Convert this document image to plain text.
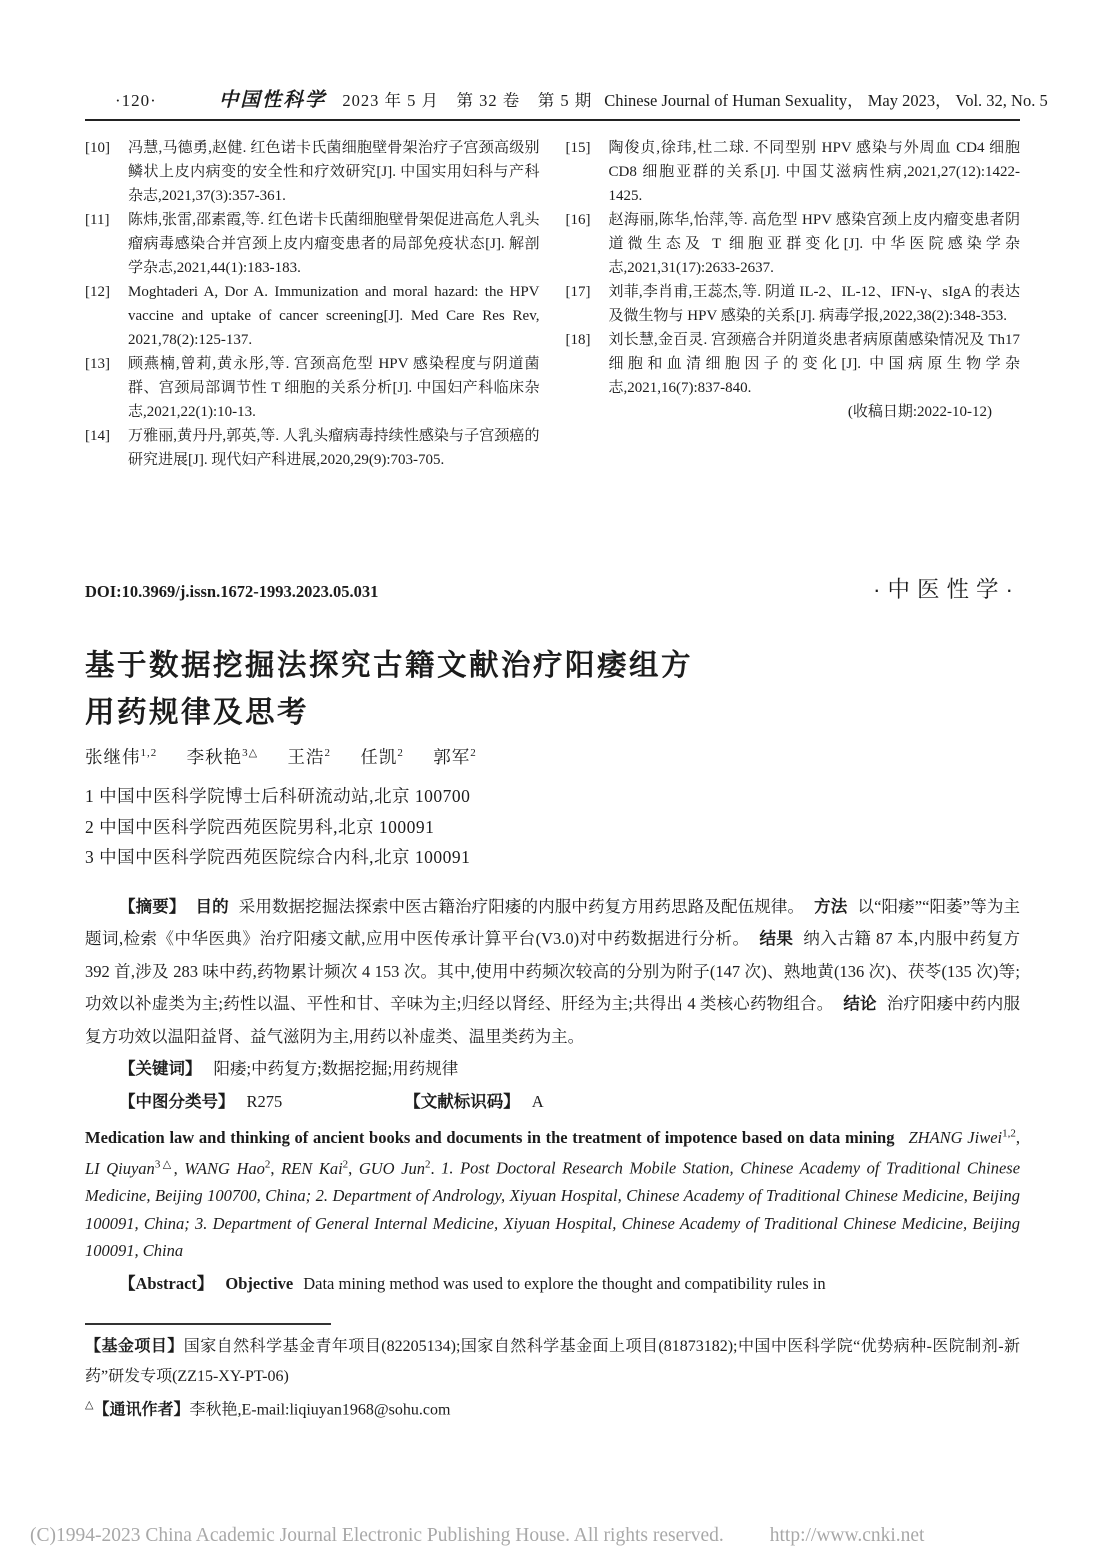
·120·	中国性科学 2023 年 5 月　第 32 卷　第 5 期 Chinese Journal of Human Sexuality， May 2023， Vol. 32, No. 5
[10]	冯慧,马德勇,赵健. 红色诺卡氏菌细胞壁骨架治疗子宫颈高级别鳞状上皮内病变的安全性和疗效研究[J]. 中国实用妇科与产科杂志,2021,37(3):357-361.
[11]	陈炜,张雷,邵素霞,等. 红色诺卡氏菌细胞壁骨架促进高危人乳头瘤病毒感染合并宫颈上皮内瘤变患者的局部免疫状态[J]. 解剖学杂志,2021,44(1):183-183.
[12]	Moghtaderi A, Dor A. Immunization and moral hazard: the HPV vaccine and uptake of cancer screening[J]. Med Care Res Rev, 2021,78(2):125-137.
[13]	顾燕楠,曾莉,黄永彤,等. 宫颈高危型 HPV 感染程度与阴道菌群、宫颈局部调节性 T 细胞的关系分析[J]. 中国妇产科临床杂志,2021,22(1):10-13.
[14]	万雅丽,黄丹丹,郭英,等. 人乳头瘤病毒持续性感染与子宫颈癌的研究进展[J]. 现代妇产科进展,2020,29(9):703-705.
[15]	陶俊贞,徐玮,杜二球. 不同型别 HPV 感染与外周血 CD4 细胞 CD8 细胞亚群的关系[J]. 中国艾滋病性病,2021,27(12):1422-1425.
[16]	赵海丽,陈华,怡萍,等. 高危型 HPV 感染宫颈上皮内瘤变患者阴道微生态及 T 细胞亚群变化[J]. 中华医院感染学杂志,2021,31(17):2633-2637.
[17]	刘菲,李肖甫,王蕊杰,等. 阴道 IL-2、IL-12、IFN-γ、sIgA 的表达及微生物与 HPV 感染的关系[J]. 病毒学报,2022,38(2):348-353.
[18]	刘长慧,金百灵. 宫颈癌合并阴道炎患者病原菌感染情况及 Th17 细胞和血清细胞因子的变化[J]. 中国病原生物学杂志,2021,16(7):837-840.
(收稿日期:2022-10-12)
DOI:10.3969/j.issn.1672-1993.2023.05.031	·中医性学·
基于数据挖掘法探究古籍文献治疗阳痿组方
用药规律及思考
张继伟$^{1,2}$ 李秋艳$^{3\triangle}$ 王浩$^2$ 任凯$^2$ 郭军$^2$
1 中国中医科学院博士后科研流动站,北京 100700
2 中国中医科学院西苑医院男科,北京 100091
3 中国中医科学院西苑医院综合内科,北京 100091

【摘要】 目的 采用数据挖掘法探索中医古籍治疗阳痿的内服中药复方用药思路及配伍规律。 方法 以“阳痿”“阳萎”等为主题词,检索《中华医典》治疗阳痿文献,应用中医传承计算平台(V3.0)对中药数据进行分析。 结果 纳入古籍 87 本,内服中药复方 392 首,涉及 283 味中药,药物累计频次 4 153 次。其中,使用中药频次较高的分别为附子(147 次)、熟地黄(136 次)、茯苓(135 次)等;功效以补虚类为主;药性以温、平性和甘、辛味为主;归经以肾经、肝经为主;共得出 4 类核心药物组合。 结论 治疗阳痿中药内服复方功效以温阳益肾、益气滋阴为主,用药以补虚类、温里类药为主。

【关键词】 阳痿;中药复方;数据挖掘;用药规律

【中图分类号】 R275	【文献标识码】 A

Medication law and thinking of ancient books and documents in the treatment of impotence based on data mining ZHANG Jiwei$^{1,2}$, LI Qiuyan$^{3\triangle}$, WANG Hao$^2$, REN Kai$^2$, GUO Jun$^2$. 1. Post Doctoral Research Mobile Station, Chinese Academy of Traditional Chinese Medicine, Beijing 100700, China; 2. Department of Andrology, Xiyuan Hospital, Chinese Academy of Traditional Chinese Medicine, Beijing 100091, China; 3. Department of General Internal Medicine, Xiyuan Hospital, Chinese Academy of Traditional Chinese Medicine, Beijing 100091, China

【Abstract】 Objective Data mining method was used to explore the thought and compatibility rules in

【基金项目】国家自然科学基金青年项目(82205134);国家自然科学基金面上项目(81873182);中国中医科学院“优势病种-医院制剂-新药”研发专项(ZZ15-XY-PT-06)

△【通讯作者】李秋艳,E-mail:liqiuyan1968@sohu.com

(C)1994-2023 China Academic Journal Electronic Publishing House. All rights reserved. http://www.cnki.net
